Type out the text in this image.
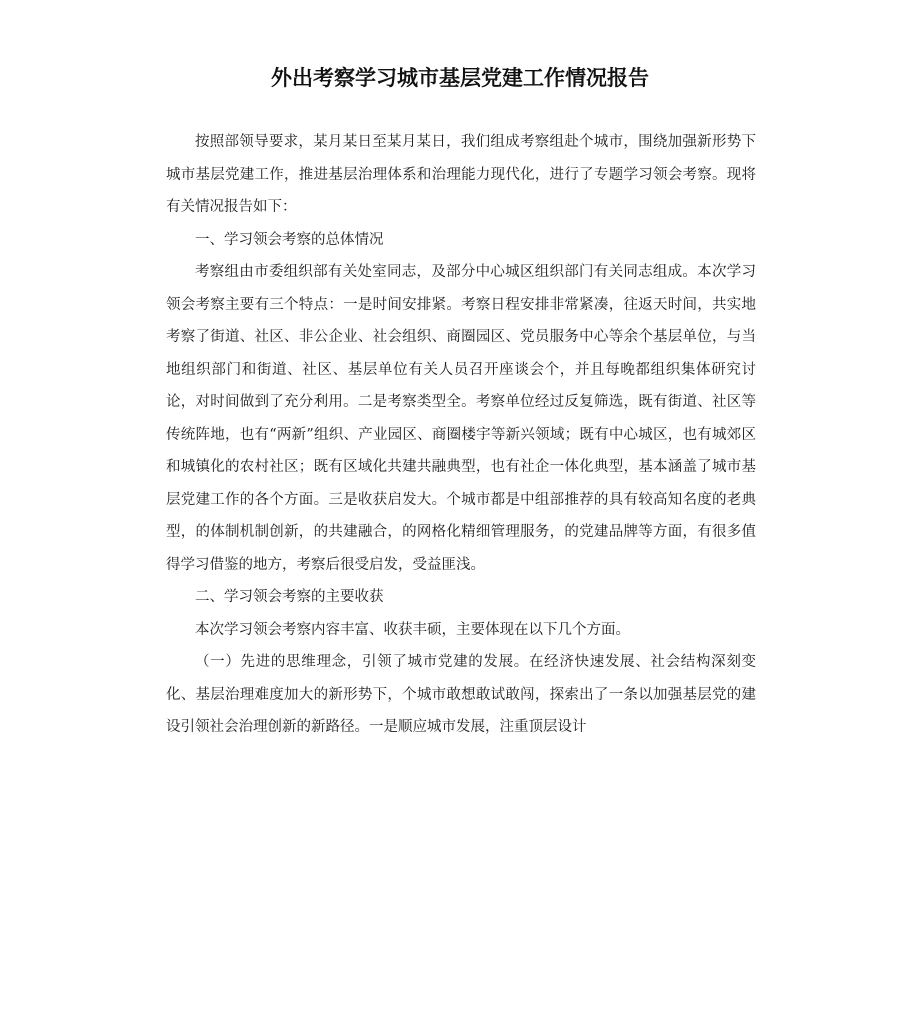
外出考察学习城市基层党建工作情况报告

按照部领导要求，某月某日至某月某日，我们组成考察组赴个城市，围绕加强新形势下城市基层党建工作，推进基层治理体系和治理能力现代化，进行了专题学习领会考察。现将有关情况报告如下：

一、学习领会考察的总体情况

考察组由市委组织部有关处室同志，及部分中心城区组织部门有关同志组成。本次学习领会考察主要有三个特点：一是时间安排紧。考察日程安排非常紧凑，往返天时间，共实地考察了街道、社区、非公企业、社会组织、商圈园区、党员服务中心等余个基层单位，与当地组织部门和街道、社区、基层单位有关人员召开座谈会个，并且每晚都组织集体研究讨论，对时间做到了充分利用。二是考察类型全。考察单位经过反复筛选，既有街道、社区等传统阵地，也有“两新”组织、产业园区、商圈楼宇等新兴领域；既有中心城区，也有城郊区和城镇化的农村社区；既有区域化共建共融典型，也有社企一体化典型，基本涵盖了城市基层党建工作的各个方面。三是收获启发大。个城市都是中组部推荐的具有较高知名度的老典型，的体制机制创新，的共建融合，的网格化精细管理服务，的党建品牌等方面，有很多值得学习借鉴的地方，考察后很受启发，受益匪浅。

二、学习领会考察的主要收获

本次学习领会考察内容丰富、收获丰硕，主要体现在以下几个方面。

（一）先进的思维理念，引领了城市党建的发展。在经济快速发展、社会结构深刻变化、基层治理难度加大的新形势下，个城市敢想敢试敢闯，探索出了一条以加强基层党的建设引领社会治理创新的新路径。一是顺应城市发展，注重顶层设计
